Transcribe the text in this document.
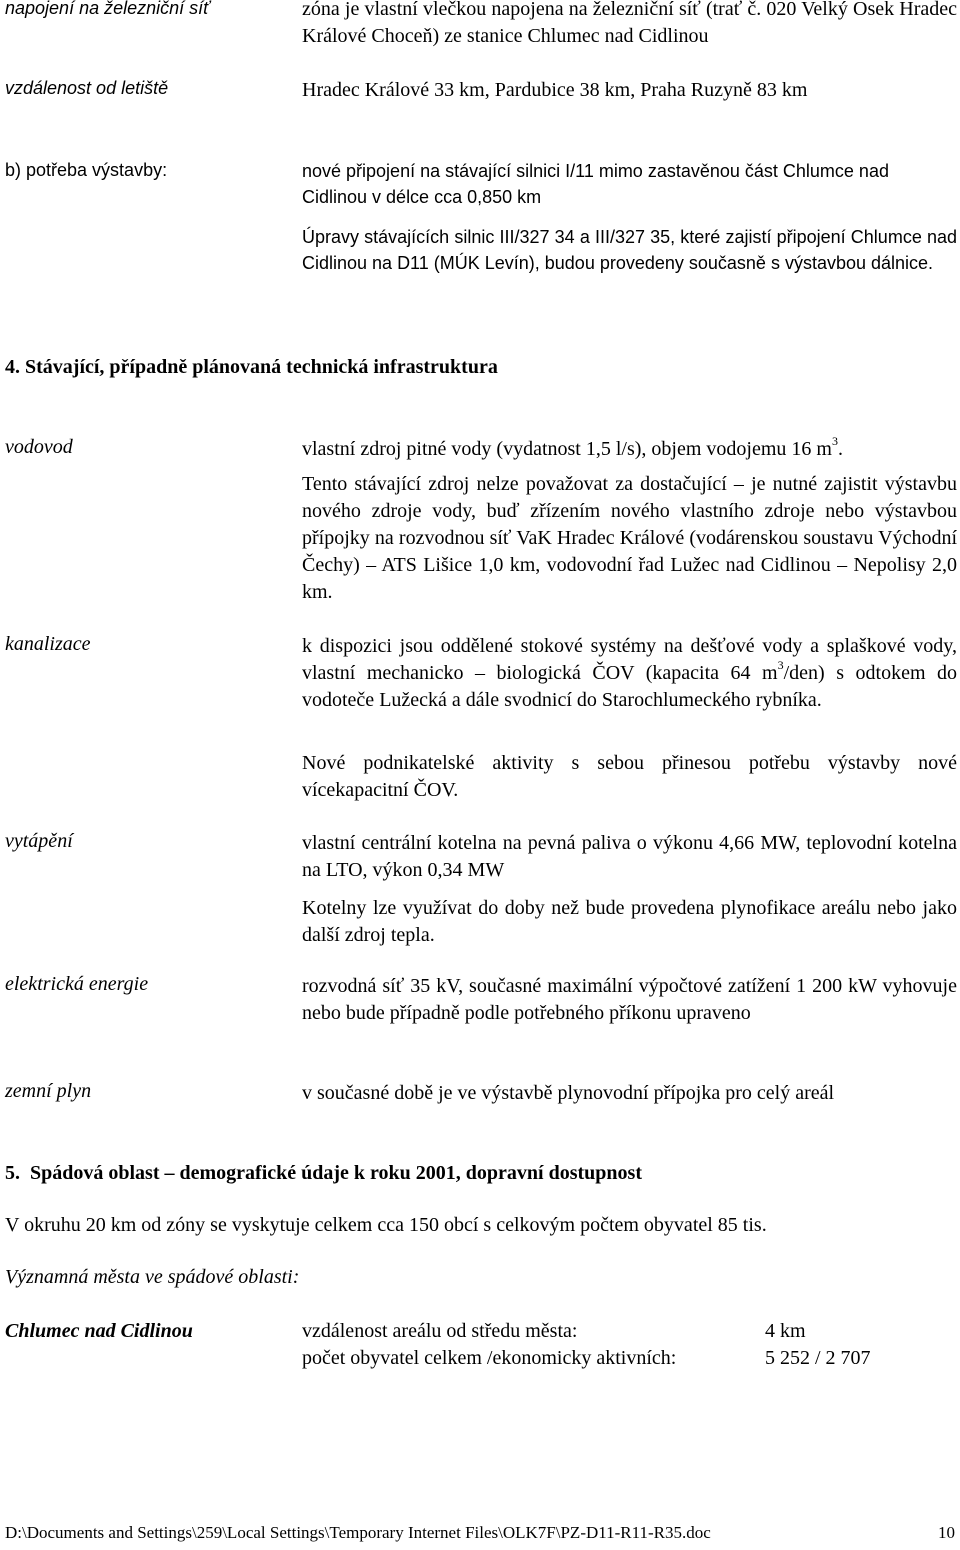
napojení na železniční síť	zóna je vlastní vlečkou napojena na železniční síť (trať č. 020 Velký Osek Hradec Králové Choceň) ze stanice Chlumec nad Cidlinou
vzdálenost od letiště	Hradec Králové 33 km, Pardubice 38 km, Praha Ruzyně 83 km
b) potřeba výstavby:	nové připojení na stávající silnici I/11 mimo zastavěnou část Chlumce nad Cidlinou v délce cca 0,850 km
Úpravy stávajících silnic III/327 34 a III/327 35, které zajistí připojení Chlumce nad Cidlinou na D11 (MÚK Levín), budou provedeny současně s výstavbou dálnice.
4. Stávající, případně plánovaná technická infrastruktura
vodovod	vlastní zdroj pitné vody (vydatnost 1,5 l/s), objem vodojemu 16 $m^3$.
Tento stávající zdroj nelze považovat za dostačující – je nutné zajistit výstavbu nového zdroje vody, buď zřízením nového vlastního zdroje nebo výstavbou přípojky na rozvodnou síť VaK Hradec Králové (vodárenskou soustavu Východní Čechy) – ATS Lišice 1,0 km, vodovodní řad Lužec nad Cidlinou – Nepolisy 2,0 km.
kanalizace	k dispozici jsou oddělené stokové systémy na dešťové vody a splaškové vody, vlastní mechanicko – biologická ČOV (kapacita 64 $m^3/den$) s odtokem do vodoteče Lužecká a dále svodnicí do Starochlumeckého rybníka.
Nové podnikatelské aktivity s sebou přinesou potřebu výstavby nové vícekapacitní ČOV.
vytápění	vlastní centrální kotelna na pevná paliva o výkonu 4,66 MW, teplovodní kotelna na LTO, výkon 0,34 MW
Kotelny lze využívat do doby než bude provedena plynofikace areálu nebo jako další zdroj tepla.
elektrická energie	rozvodná síť 35 kV, současné maximální výpočtové zatížení 1 200 kW vyhovuje nebo bude případně podle potřebného příkonu upraveno
zemní plyn	v současné době je ve výstavbě plynovodní přípojka pro celý areál
5. Spádová oblast – demografické údaje k roku 2001, dopravní dostupnost
V okruhu 20 km od zóny se vyskytuje celkem cca 150 obcí s celkovým počtem obyvatel 85 tis.
Významná města ve spádové oblasti:
Chlumec nad Cidlinou	vzdálenost areálu od středu města:	4 km
počet obyvatel celkem /ekonomicky aktivních:	5 252 / 2 707
D:\Documents and Settings\259\Local Settings\Temporary Internet Files\OLK7F\PZ-D11-R11-R35.doc	10
